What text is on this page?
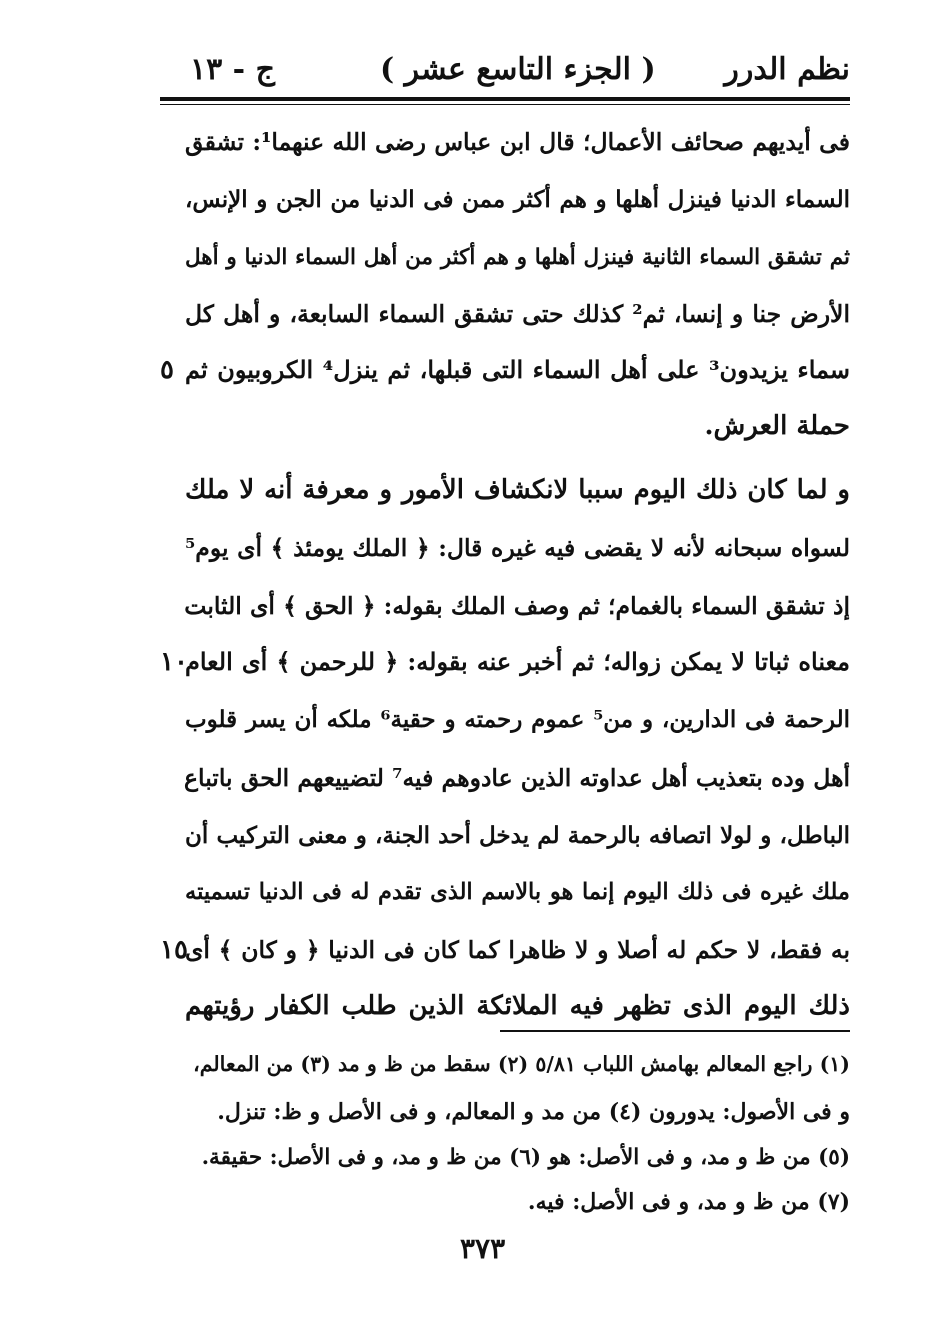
نظم الدرر
( الجزء التاسع عشر )
ج - ١٣
فى أيديهم صحائف الأعمال؛ قال ابن عباس رضى الله عنهما¹: تشقق
السماء الدنيا فينزل أهلها و هم أكثر ممن فى الدنيا من الجن و الإنس،
ثم تشقق السماء الثانية فينزل أهلها و هم أكثر من أهل السماء الدنيا و أهل
الأرض جنا و إنسا، ثم² كذلك حتى تشقق السماء السابعة، و أهل كل
سماء يزيدون³ على أهل السماء التى قبلها، ثم ينزل⁴ الكروبيون ثم
٥
حملة العرش.
و لما كان ذلك اليوم سببا لانكشاف الأمور و معرفة أنه لا ملك
لسواه سبحانه لأنه لا يقضى فيه غيره قال: ﴿ الملك يومئذ ﴾ أى يوم⁵
إذ تشقق السماء بالغمام؛ ثم وصف الملك بقوله: ﴿ الحق ﴾ أى الثابت
معناه ثباتا لا يمكن زواله؛ ثم أخبر عنه بقوله: ﴿ للرحمن ﴾ أى العام
١٠
الرحمة فى الدارين، و من⁵ عموم رحمته و حقية⁶ ملكه أن يسر قلوب
أهل وده بتعذيب أهل عداوته الذين عادوهم فيه⁷ لتضييعهم الحق باتباع
الباطل، و لولا اتصافه بالرحمة لم يدخل أحد الجنة، و معنى التركيب أن
ملك غيره فى ذلك اليوم إنما هو بالاسم الذى تقدم له فى الدنيا تسميته
به فقط، لا حكم له أصلا و لا ظاهرا كما كان فى الدنيا ﴿ و كان ﴾ أى
١٥
ذلك اليوم الذى تظهر فيه الملائكة الذين طلب الكفار رؤيتهم
(١) راجع المعالم بهامش اللباب ٥/٨١ (٢) سقط من ظ و مد (٣) من المعالم،
و فى الأصول: يدورون (٤) من مد و المعالم، و فى الأصل و ظ: تنزل.
(٥) من ظ و مد، و فى الأصل: هو (٦) من ظ و مد، و فى الأصل: حقيقة.
(٧) من ظ و مد، و فى الأصل: فيه.
٣٧٣
